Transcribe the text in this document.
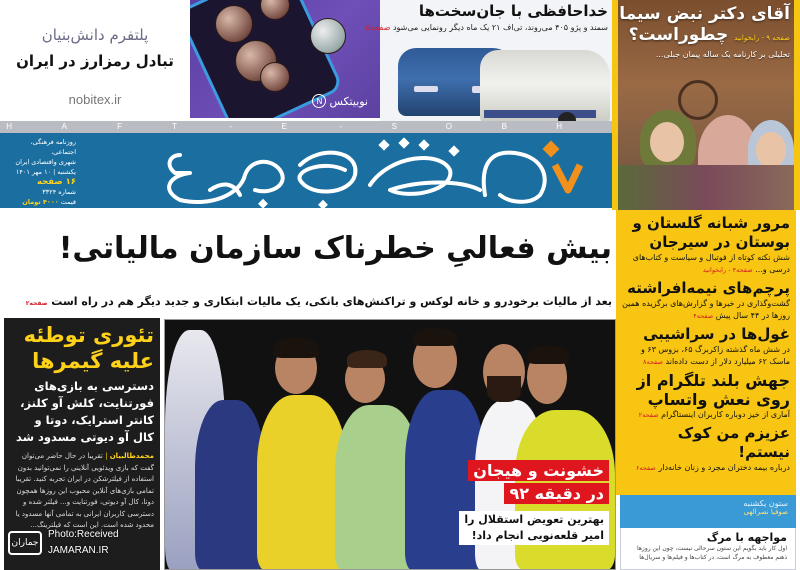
پلتفرم دانش‌بنیان
تبادل رمزارز در ایران
nobitex.ir	نوبیتکس
N
خداحافظی با جان‌سخت‌ها
سمند و پژو ۴۰۵ می‌روند، تی‌اف ۲۱ یک ماه دیگر رونمایی می‌شود صفحه۵
H	A	F	T	-	E	-	S	O	B	H
روزنامه فرهنگی، اجتماعی،
شهری واقتصادی ایران
یکشنبه | ۱۰ مهر ۱۴۰۱
۱۶ صفحه
شماره ۳۳۲۴
قیمت ۴۰۰۰ تومان
آقای دکتر نبض سیما
صفحه ۹ - رابخوانید چطوراست؟
تحلیلی بر کارنامه یک ساله پیمان جبلی...
مرور شبانه گلستان و بوستان در سیرجان
شش نکته کوتاه از فوتبال و سیاست و کتاب‌های درسی و... صفحه۴ - رابخوانید
پرچم‌های نیمه‌افراشته
گشت‌وگذاری در خبرها و گزارش‌های برگزیده همین روزها در ۴۴ سال پیش صفحه۴
غول‌ها در سراشیبی
در شش ماه گذشته زاکربرگ ۶۵، بزوس ۶۳ و ماسک ۶۲ میلیارد دلار از دست داده‌اند صفحه۸
جهش بلند تلگرام از روی نعش واتساپ
آماری از خیز دوباره کاربران اینستاگرام صفحه۲
عزیزم من کوک نیستم!
درباره بیمه دختران مجرد و زنان خانه‌دار صفحه۶
ستون یکشنبه
صوفیا نصرالهی
مواجهه با مرگ
اول کار باید بگویم این ستون سرحالی نیست، چون این روزها ذهنم معطوف به مرگ است، در کتاب‌ها و فیلم‌ها و سریال‌ها
بیش فعالیِ خطرناک سازمان مالیاتی!
بعد از مالیات برخودرو و خانه لوکس و تراکنش‌های بانکی، یک مالیات ابتکاری و جدید دیگر هم در راه است صفحه۲
تئوری توطئه
علیه گیمرها
دسترسی به بازی‌های فورتنایت، کلش آو کلنز، کانتر استرایک، دوتا و کال آو دیوتی مسدود شد
محمدطالبیان | تقریبا در حال حاضر می‌توان گفت که بازی ویدئویی آنلاینی را نمی‌توانید بدون استفاده از فیلترشکن در ایران تجربه کنید. تقریبا تمامی بازی‌های آنلاین محبوب این روزها همچون دوتا، کال آو دیوتی، فورتنایت و... فیلتر شده و دسترسی کاربران ایرانی به تمامی آنها مسدود یا محدود شده است. این است که فیلترینگ...
جماران
Photo:Received
JAMARAN.IR
خشونت و هیجان
در دقیقه ۹۲
بهترین تعویض استقلال را
امیر قلعه‌نویی انجام داد!
